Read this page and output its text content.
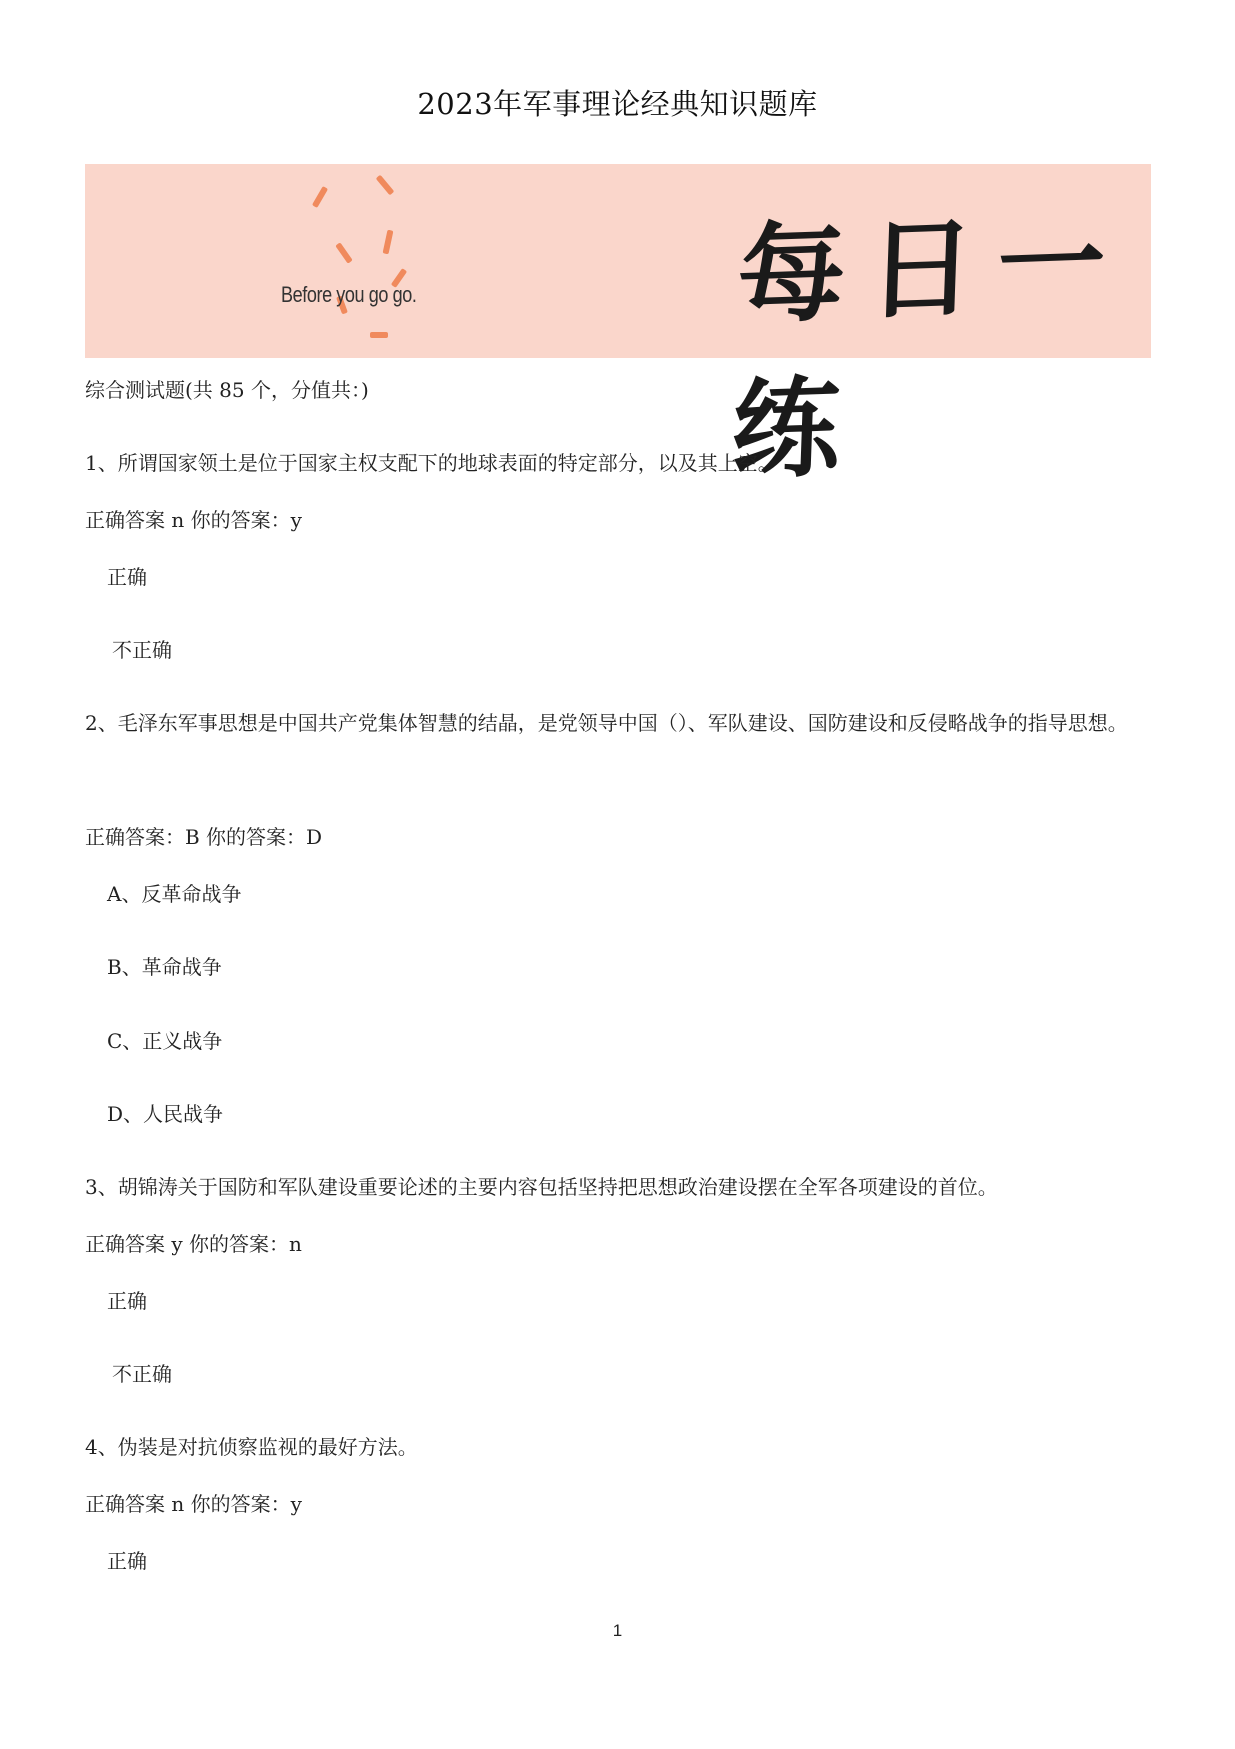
2023年军事理论经典知识题库
Before you go go.	每日一练
综合测试题(共 85 个，分值共：)
1、所谓国家领土是位于国家主权支配下的地球表面的特定部分，以及其上空。
正确答案 n 你的答案：y
正确
不正确
2、毛泽东军事思想是中国共产党集体智慧的结晶，是党领导中国（）、军队建设、国防建设和反侵略战争的指导思想。
正确答案：B 你的答案：D
A、反革命战争
B、革命战争
C、正义战争
D、人民战争
3、胡锦涛关于国防和军队建设重要论述的主要内容包括坚持把思想政治建设摆在全军各项建设的首位。
正确答案 y 你的答案：n
正确
不正确
4、伪装是对抗侦察监视的最好方法。
正确答案 n 你的答案：y
正确
1
